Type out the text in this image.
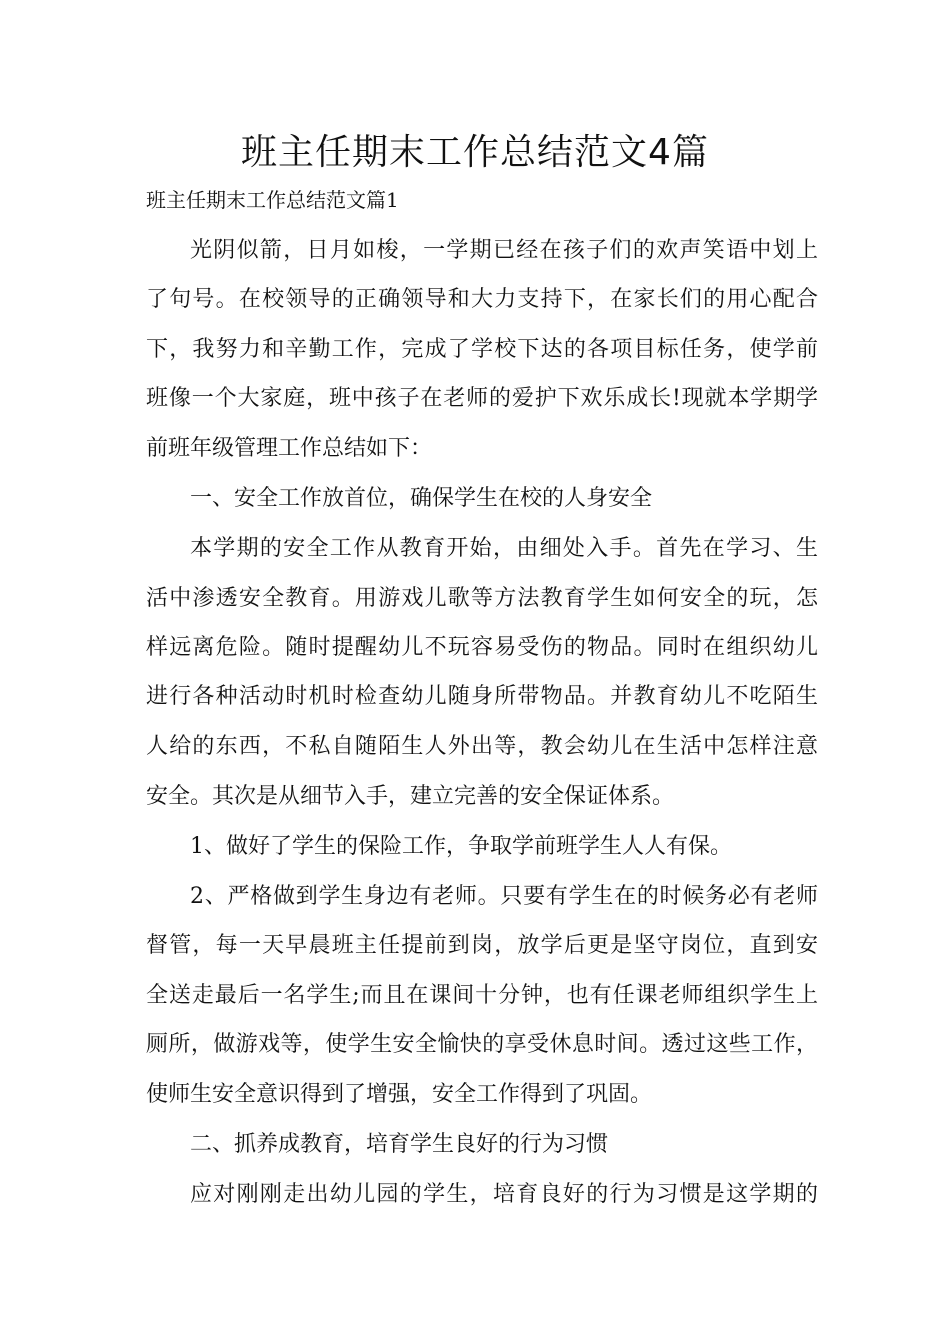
班主任期末工作总结范文4篇
班主任期末工作总结范文篇1
光阴似箭，日月如梭，一学期已经在孩子们的欢声笑语中划上
了句号。在校领导的正确领导和大力支持下，在家长们的用心配合
下，我努力和辛勤工作，完成了学校下达的各项目标任务，使学前
班像一个大家庭，班中孩子在老师的爱护下欢乐成长!现就本学期学
前班年级管理工作总结如下：
一、安全工作放首位，确保学生在校的人身安全
本学期的安全工作从教育开始，由细处入手。首先在学习、生
活中渗透安全教育。用游戏儿歌等方法教育学生如何安全的玩，怎
样远离危险。随时提醒幼儿不玩容易受伤的物品。同时在组织幼儿
进行各种活动时机时检查幼儿随身所带物品。并教育幼儿不吃陌生
人给的东西，不私自随陌生人外出等，教会幼儿在生活中怎样注意
安全。其次是从细节入手，建立完善的安全保证体系。
1、做好了学生的保险工作，争取学前班学生人人有保。
2、严格做到学生身边有老师。只要有学生在的时候务必有老师
督管，每一天早晨班主任提前到岗，放学后更是坚守岗位，直到安
全送走最后一名学生;而且在课间十分钟，也有任课老师组织学生上
厕所，做游戏等，使学生安全愉快的享受休息时间。透过这些工作，
使师生安全意识得到了增强，安全工作得到了巩固。
二、抓养成教育，培育学生良好的行为习惯
应对刚刚走出幼儿园的学生，培育良好的行为习惯是这学期的
